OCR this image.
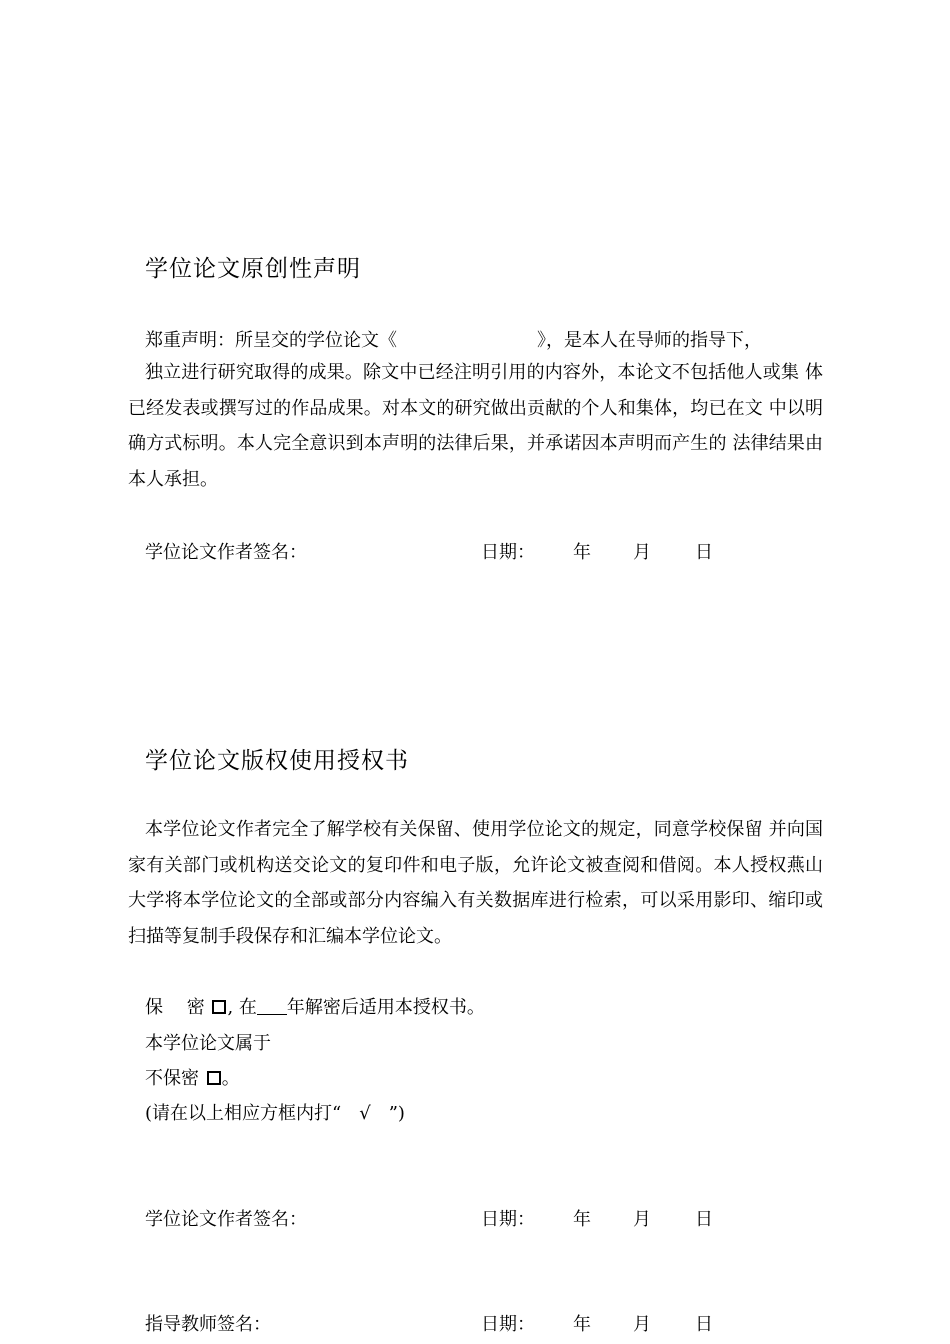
学位论文原创性声明
郑重声明：所呈交的学位论文《	》，是本人在导师的指导下，

独立进行研究取得的成果。除文中已经注明引用的内容外，本论文不包括他人或集 体已经发表或撰写过的作品成果。对本文的研究做出贡献的个人和集体，均已在文 中以明确方式标明。本人完全意识到本声明的法律后果，并承诺因本声明而产生的 法律结果由本人承担。

学位论文作者签名：	日期： 年 月 日
学位论文版权使用授权书

本学位论文作者完全了解学校有关保留、使用学位论文的规定，同意学校保留 并向国家有关部门或机构送交论文的复印件和电子版，允许论文被查阅和借阅。本人授权燕山大学将本学位论文的全部或部分内容编入有关数据库进行检索，可以采用影印、缩印或扫描等复制手段保存和汇编本学位论文。

保　 密 , 在 年解密后适用本授权书。
本学位论文属于
不保密 。
(请在以上相应方框内打“　√　”)
学位论文作者签名：	日期： 年 月 日
指导教师签名：	日期： 年 月 日
